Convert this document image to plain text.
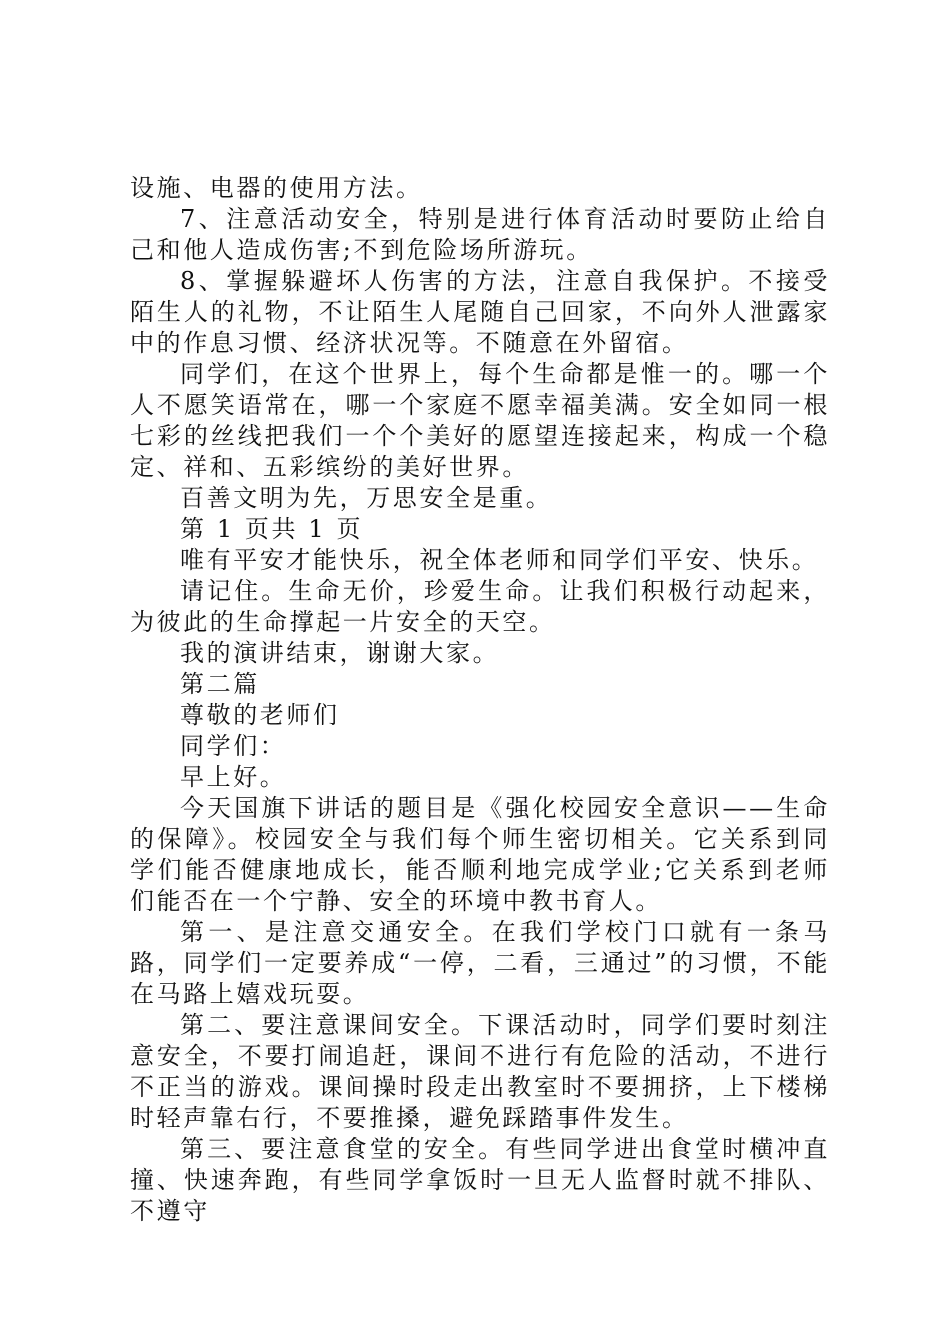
设施、电器的使用方法。

7、注意活动安全，特别是进行体育活动时要防止给自己和他人造成伤害;不到危险场所游玩。

8、掌握躲避坏人伤害的方法，注意自我保护。不接受陌生人的礼物，不让陌生人尾随自己回家，不向外人泄露家中的作息习惯、经济状况等。不随意在外留宿。

同学们，在这个世界上，每个生命都是惟一的。哪一个人不愿笑语常在，哪一个家庭不愿幸福美满。安全如同一根七彩的丝线把我们一个个美好的愿望连接起来，构成一个稳定、祥和、五彩缤纷的美好世界。

百善文明为先，万思安全是重。

第 1 页共 1 页

唯有平安才能快乐，祝全体老师和同学们平安、快乐。

请记住。生命无价，珍爱生命。让我们积极行动起来，为彼此的生命撑起一片安全的天空。

我的演讲结束，谢谢大家。

第二篇

尊敬的老师们

同学们：

早上好。

今天国旗下讲话的题目是《强化校园安全意识——生命的保障》。校园安全与我们每个师生密切相关。它关系到同学们能否健康地成长，能否顺利地完成学业;它关系到老师们能否在一个宁静、安全的环境中教书育人。

第一、是注意交通安全。在我们学校门口就有一条马路，同学们一定要养成“一停，二看，三通过”的习惯，不能在马路上嬉戏玩耍。

第二、要注意课间安全。下课活动时，同学们要时刻注意安全，不要打闹追赶，课间不进行有危险的活动，不进行不正当的游戏。课间操时段走出教室时不要拥挤，上下楼梯时轻声靠右行，不要推搡，避免踩踏事件发生。

第三、要注意食堂的安全。有些同学进出食堂时横冲直撞、快速奔跑，有些同学拿饭时一旦无人监督时就不排队、不遵守
